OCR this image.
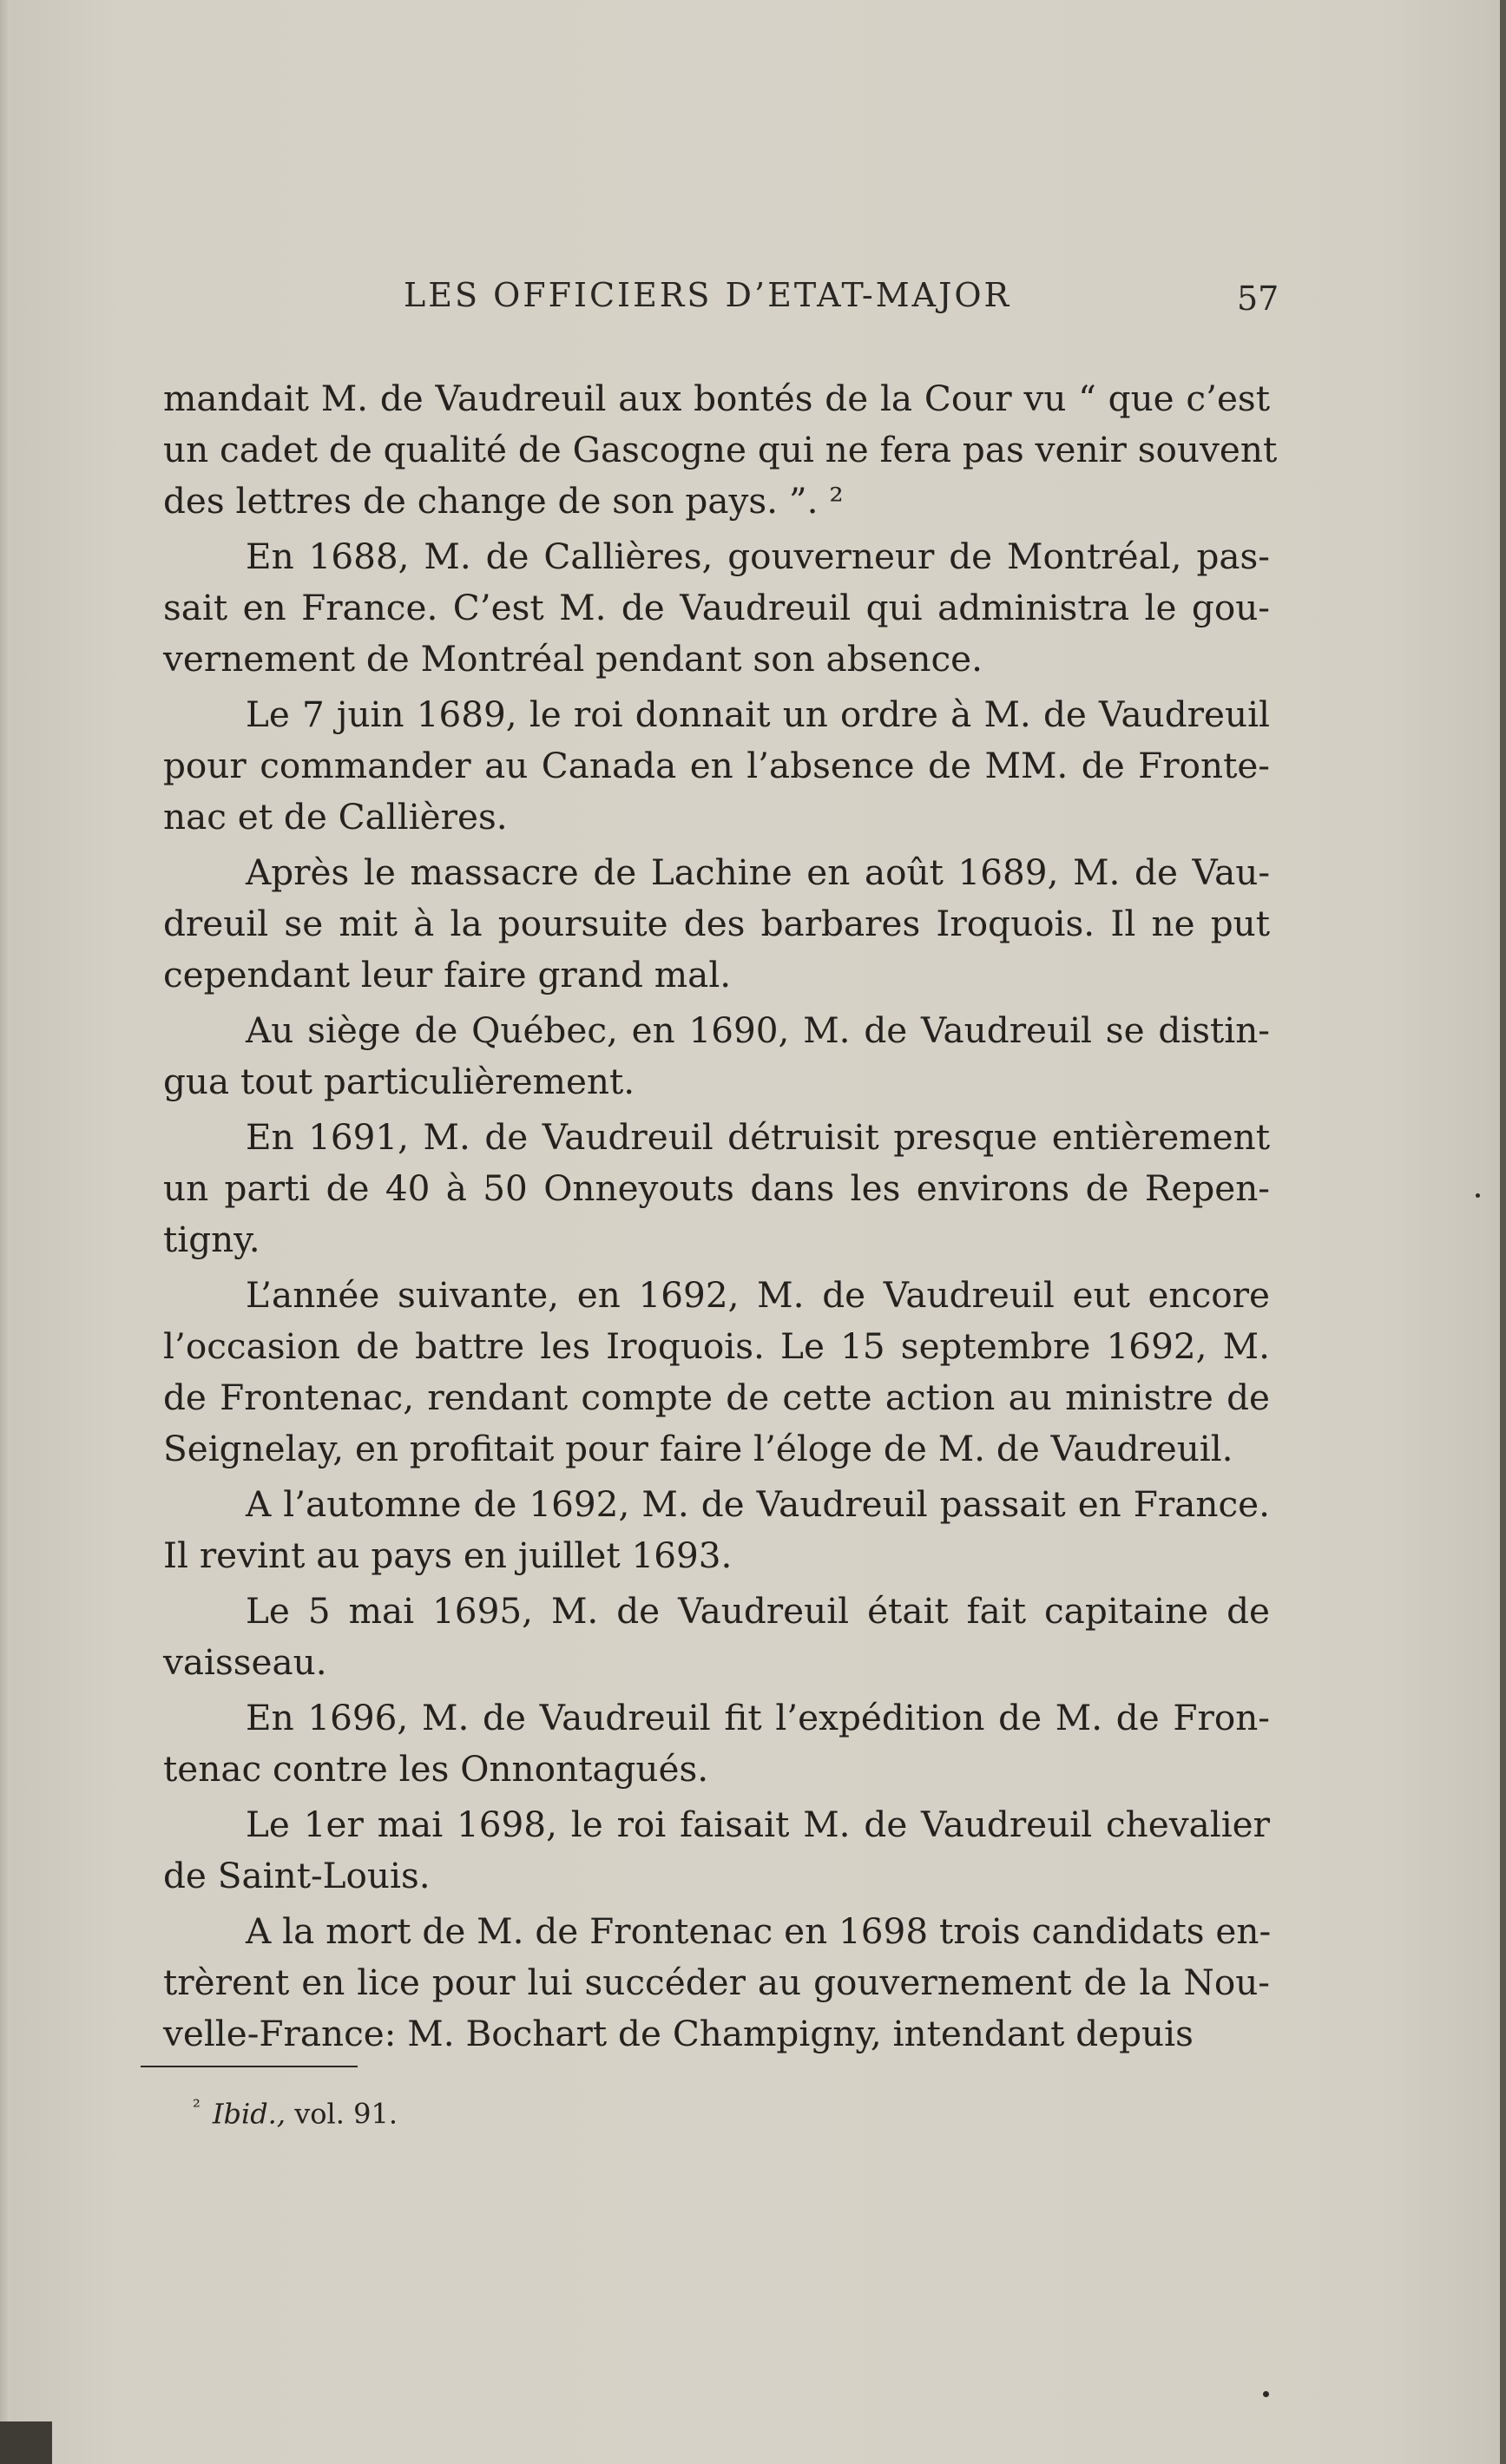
LES OFFICIERS D’ETAT-MAJOR	57
mandait M. de Vaudreuil aux bontés de la Cour vu “ que c’est
un cadet de qualité de Gascogne qui ne fera pas venir souvent
des lettres de change de son pays. ”. ²
En 1688, M. de Callières, gouverneur de Montréal, pas-
sait en France. C’est M. de Vaudreuil qui administra le gou-
vernement de Montréal pendant son absence.
Le 7 juin 1689, le roi donnait un ordre à M. de Vaudreuil
pour commander au Canada en l’absence de MM. de Fronte-
nac et de Callières.
Après le massacre de Lachine en août 1689, M. de Vau-
dreuil se mit à la poursuite des barbares Iroquois. Il ne put
cependant leur faire grand mal.
Au siège de Québec, en 1690, M. de Vaudreuil se distin-
gua tout particulièrement.
En 1691, M. de Vaudreuil détruisit presque entièrement
un parti de 40 à 50 Onneyouts dans les environs de Repen-
tigny.
L’année suivante, en 1692, M. de Vaudreuil eut encore
l’occasion de battre les Iroquois. Le 15 septembre 1692, M.
de Frontenac, rendant compte de cette action au ministre de
Seignelay, en profitait pour faire l’éloge de M. de Vaudreuil.
A l’automne de 1692, M. de Vaudreuil passait en France.
Il revint au pays en juillet 1693.
Le 5 mai 1695, M. de Vaudreuil était fait capitaine de
vaisseau.
En 1696, M. de Vaudreuil fit l’expédition de M. de Fron-
tenac contre les Onnontagués.
Le 1er mai 1698, le roi faisait M. de Vaudreuil chevalier
de Saint-Louis.
A la mort de M. de Frontenac en 1698 trois candidats en-
trèrent en lice pour lui succéder au gouvernement de la Nou-
velle-France: M. Bochart de Champigny, intendant depuis
$^{^2}$ Ibid., vol. 91.
